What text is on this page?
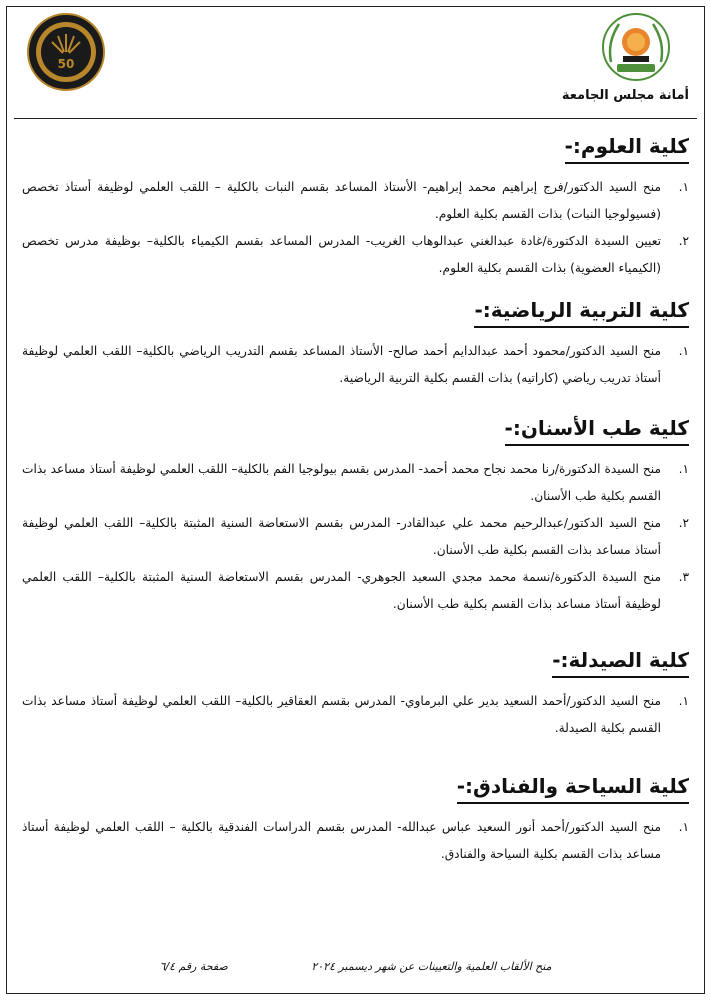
أمانة مجلس الجامعة
50
كلية العلوم:-
١.
منح السيد الدكتور/فرج إبراهيم محمد إبراهيم- الأستاذ المساعد بقسم النبات بالكلية – اللقب العلمي لوظيفة أستاذ تخصص (فسيولوجيا النبات) بذات القسم بكلية العلوم.
٢.
تعيين السيدة الدكتورة/غادة عبدالغني عبدالوهاب الغريب- المدرس المساعد بقسم الكيمياء بالكلية– بوظيفة مدرس تخصص (الكيمياء العضوية) بذات القسم بكلية العلوم.
كلية التربية الرياضية:-
١.
منح السيد الدكتور/محمود أحمد عبدالدايم أحمد صالح- الأستاذ المساعد بقسم التدريب الرياضي بالكلية– اللقب العلمي لوظيفة أستاذ تدريب رياضي (كاراتيه) بذات القسم بكلية التربية الرياضية.
كلية طب الأسنان:-
١.
منح السيدة الدكتورة/رنا محمد نجاح محمد أحمد- المدرس بقسم بيولوجيا الفم بالكلية– اللقب العلمي لوظيفة أستاذ مساعد بذات القسم بكلية طب الأسنان.
٢.
منح السيد الدكتور/عبدالرحيم محمد علي عبدالقادر- المدرس بقسم الاستعاضة السنية المثبتة بالكلية– اللقب العلمي لوظيفة أستاذ مساعد بذات القسم بكلية طب الأسنان.
٣.
منح السيدة الدكتورة/نسمة محمد مجدي السعيد الجوهري- المدرس بقسم الاستعاضة السنية المثبتة بالكلية– اللقب العلمي لوظيفة أستاذ مساعد بذات القسم بكلية طب الأسنان.
كلية الصيدلة:-
١.
منح السيد الدكتور/أحمد السعيد بدير علي البرماوي- المدرس بقسم العقاقير بالكلية– اللقب العلمي لوظيفة أستاذ مساعد بذات القسم بكلية الصيدلة.
كلية السياحة والفنادق:-
١.
منح السيد الدكتور/أحمد أنور السعيد عباس عبدالله- المدرس بقسم الدراسات الفندقية بالكلية – اللقب العلمي لوظيفة أستاذ مساعد بذات القسم بكلية السياحة والفنادق.
منح الألقاب العلمية والتعيينات عن شهر ديسمبر ٢٠٢٤ صفحة رقم ٦/٤
